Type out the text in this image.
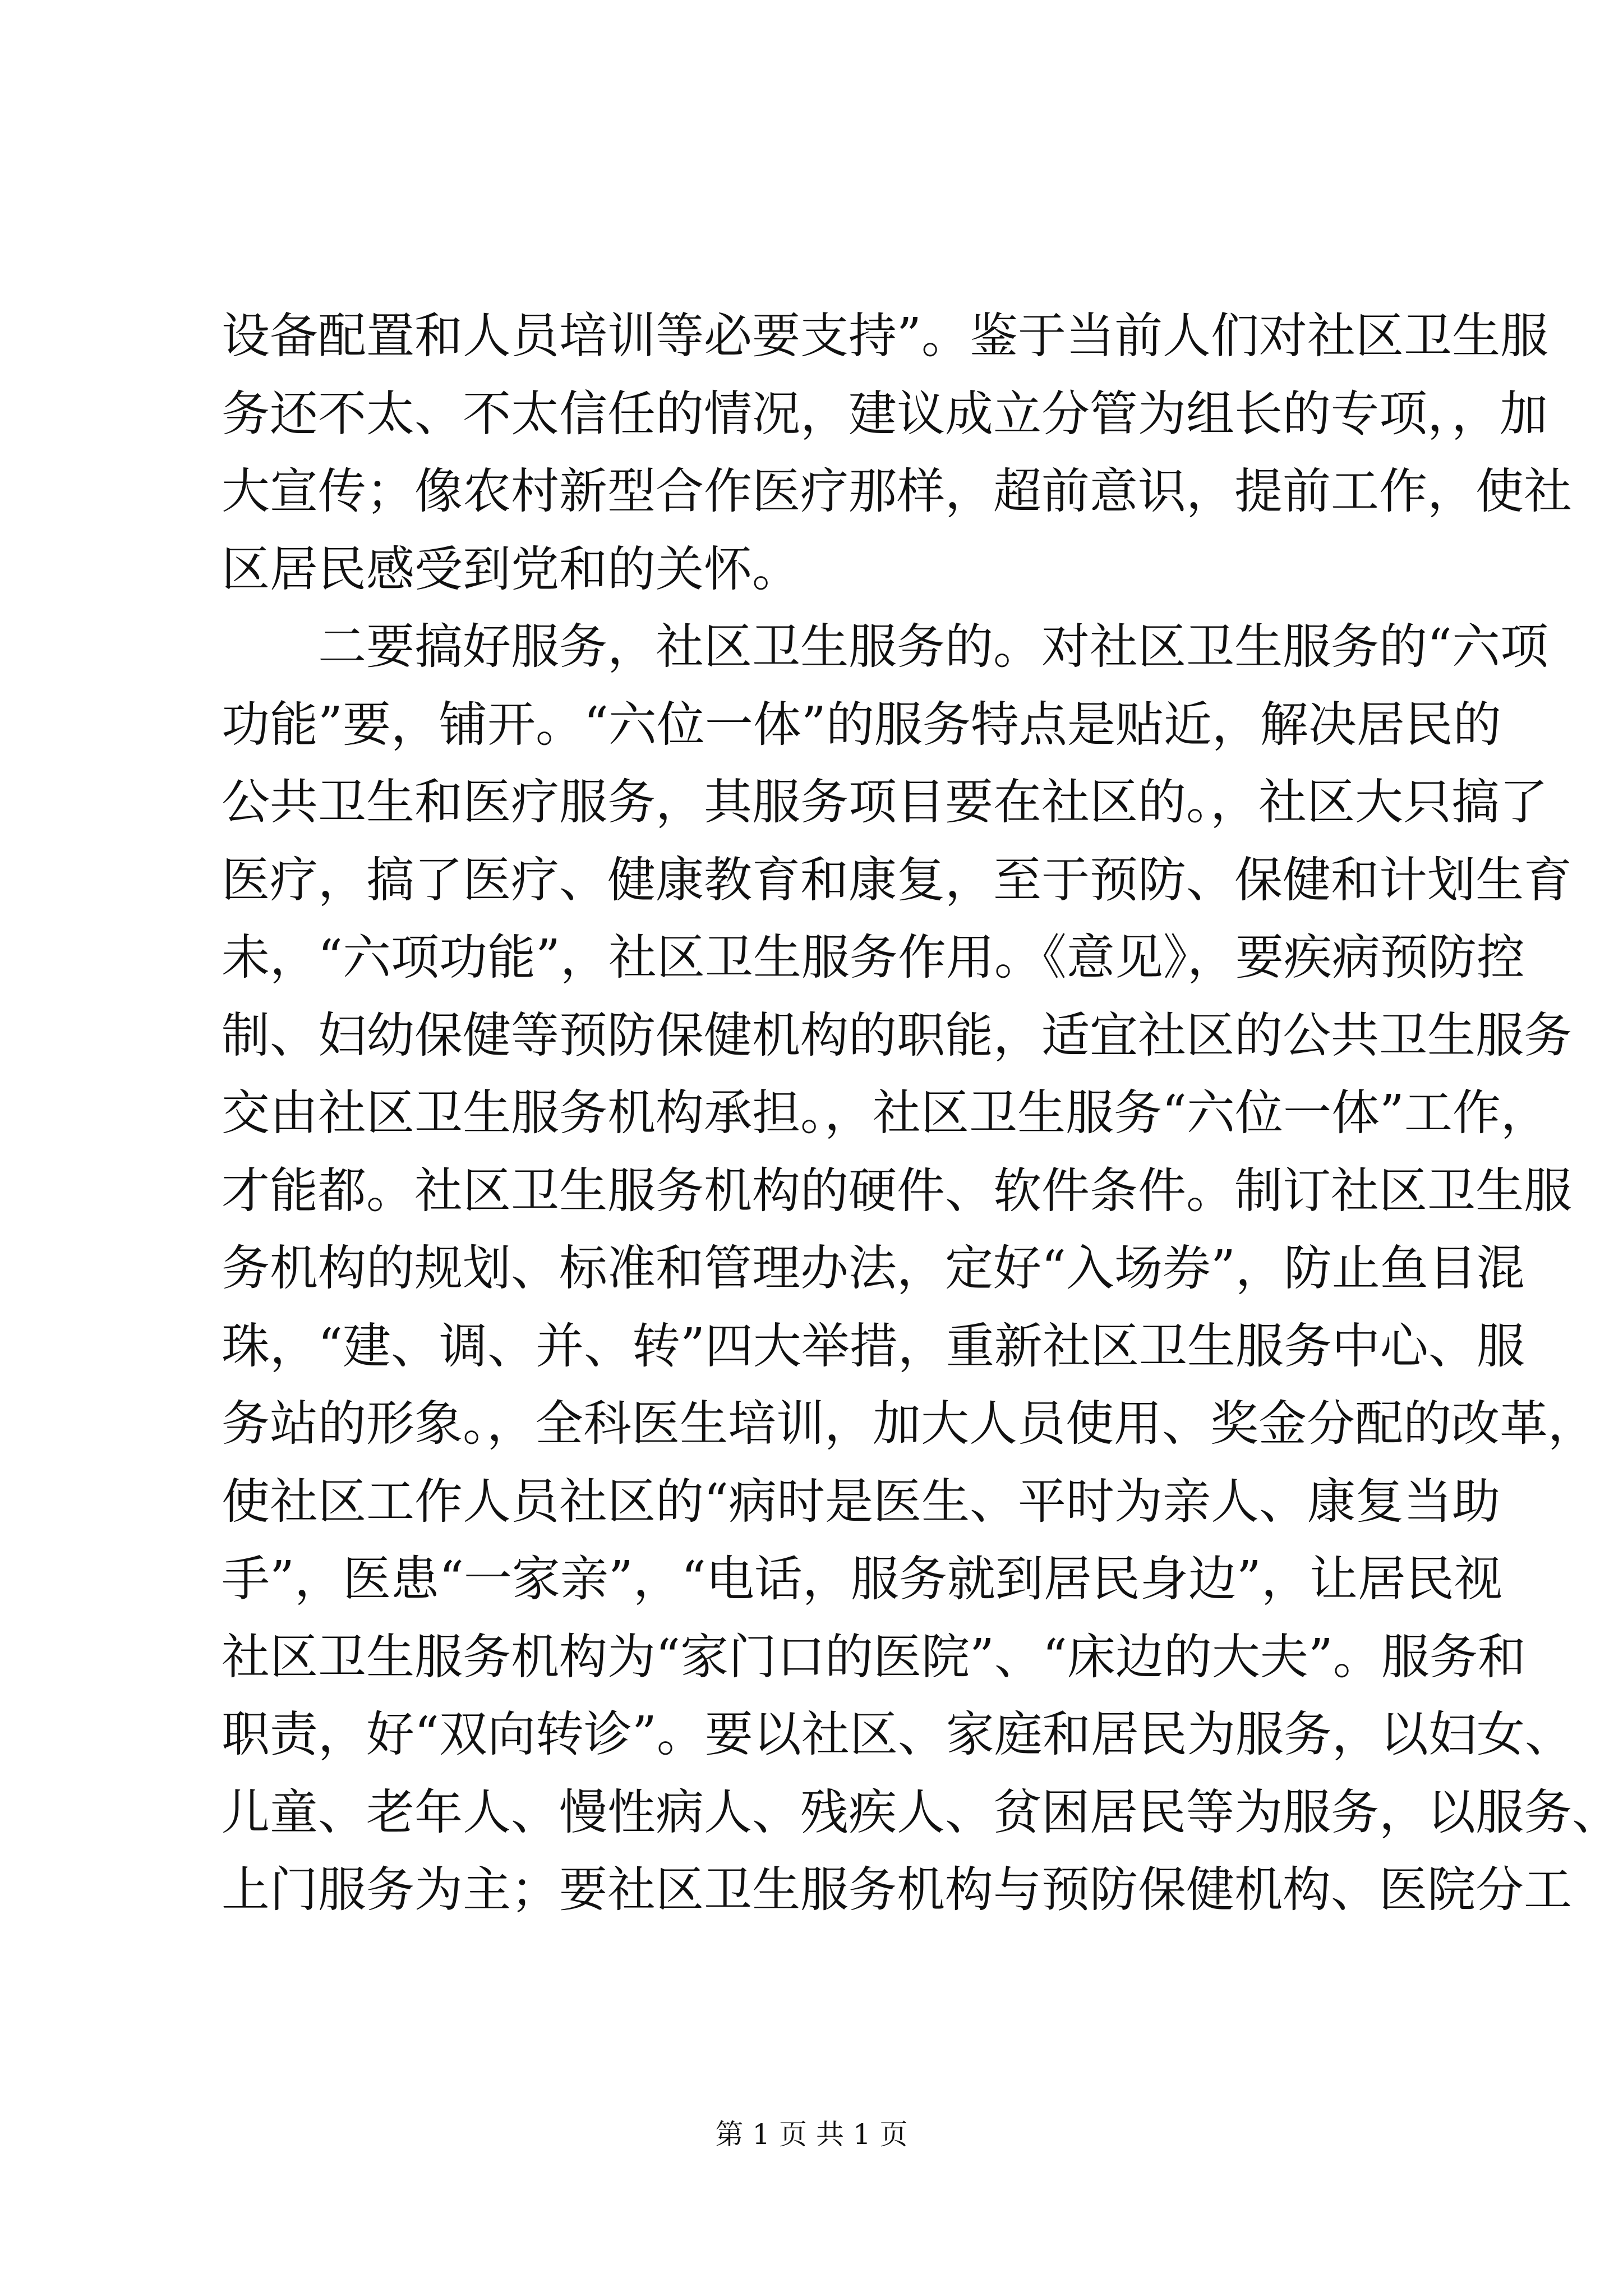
设备配置和人员培训等必要支持”。鉴于当前人们对社区卫生服
务还不太、不太信任的情况，建议成立分管为组长的专项，，加
大宣传；像农村新型合作医疗那样，超前意识，提前工作，使社
区居民感受到党和的关怀。
二要搞好服务，社区卫生服务的。对社区卫生服务的“六项
功能”要，铺开。“六位一体”的服务特点是贴近，解决居民的
公共卫生和医疗服务，其服务项目要在社区的。，社区大只搞了
医疗，搞了医疗、健康教育和康复，至于预防、保健和计划生育
未，“六项功能”，社区卫生服务作用。《意见》，要疾病预防控
制、妇幼保健等预防保健机构的职能，适宜社区的公共卫生服务
交由社区卫生服务机构承担。，社区卫生服务“六位一体”工作，
才能都。社区卫生服务机构的硬件、软件条件。制订社区卫生服
务机构的规划、标准和管理办法，定好“入场券”，防止鱼目混
珠，“建、调、并、转”四大举措，重新社区卫生服务中心、服
务站的形象。，全科医生培训，加大人员使用、奖金分配的改革，
使社区工作人员社区的“病时是医生、平时为亲人、康复当助
手”，医患“一家亲”，“电话，服务就到居民身边”，让居民视
社区卫生服务机构为“家门口的医院”、“床边的大夫”。服务和
职责，好“双向转诊”。要以社区、家庭和居民为服务，以妇女、
儿童、老年人、慢性病人、残疾人、贫困居民等为服务，以服务、
上门服务为主；要社区卫生服务机构与预防保健机构、医院分工
第 1 页 共 1 页
